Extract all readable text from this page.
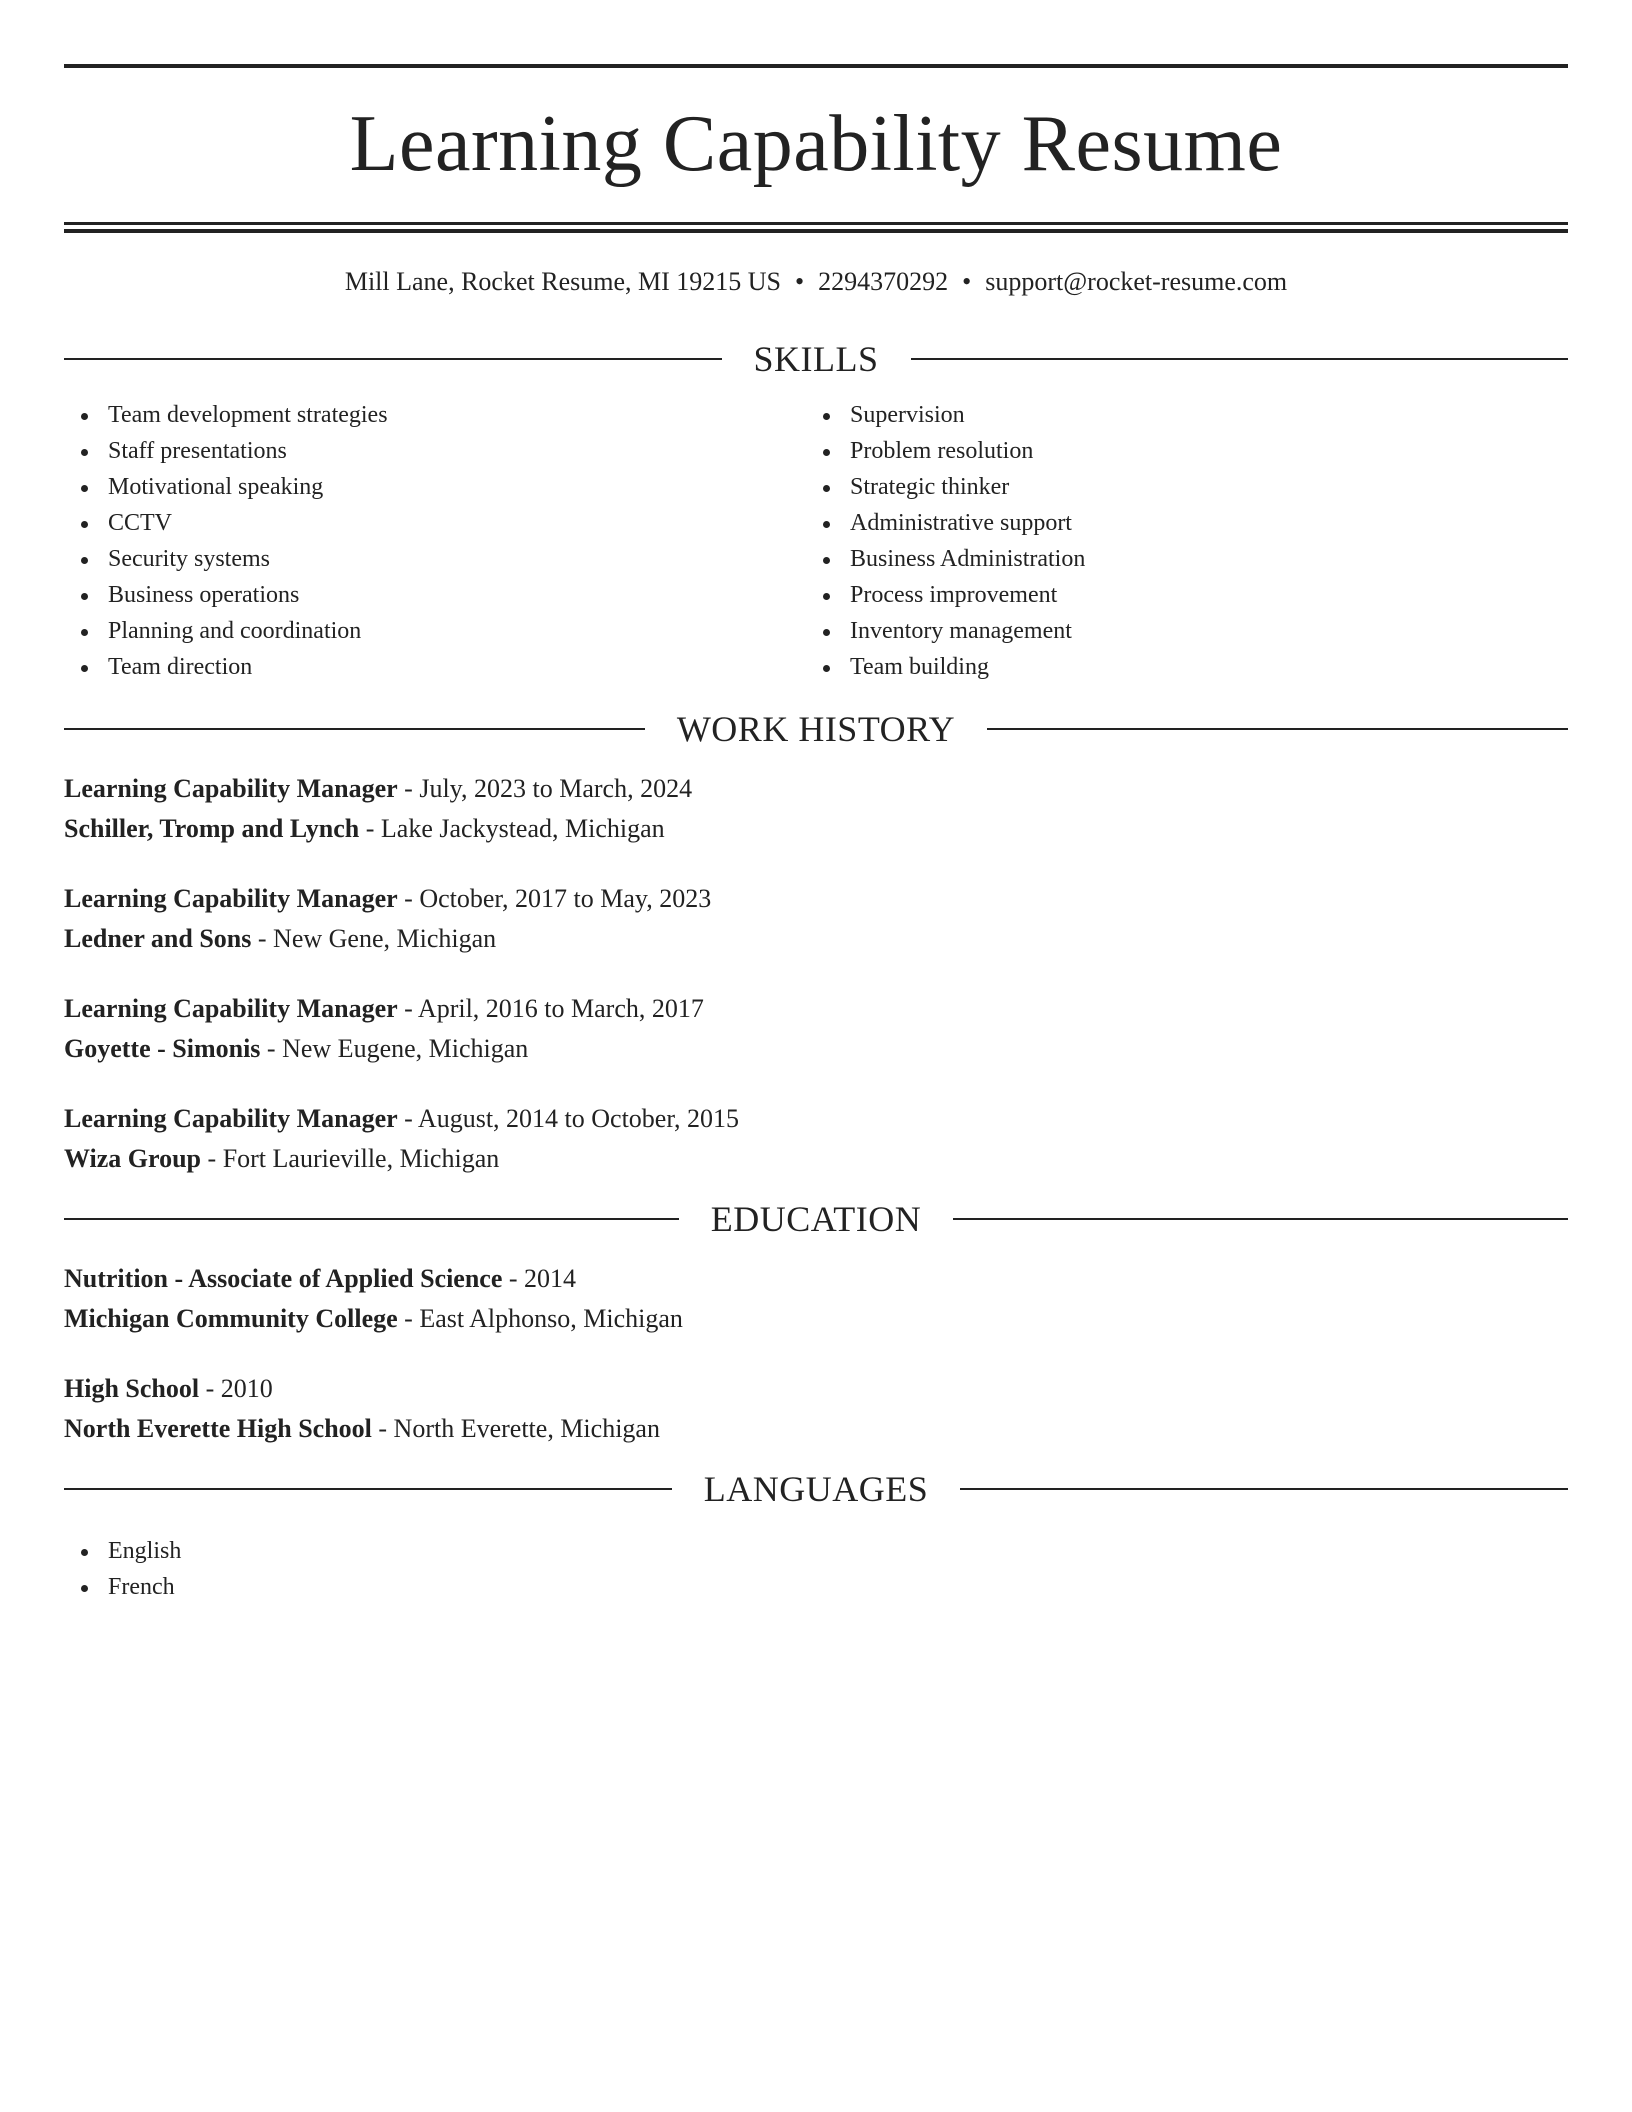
Learning Capability Resume
Mill Lane, Rocket Resume, MI 19215 US • 2294370292 • support@rocket-resume.com
SKILLS
Team development strategies
Staff presentations
Motivational speaking
CCTV
Security systems
Business operations
Planning and coordination
Team direction
Supervision
Problem resolution
Strategic thinker
Administrative support
Business Administration
Process improvement
Inventory management
Team building
WORK HISTORY
Learning Capability Manager - July, 2023 to March, 2024
Schiller, Tromp and Lynch - Lake Jackystead, Michigan
Learning Capability Manager - October, 2017 to May, 2023
Ledner and Sons - New Gene, Michigan
Learning Capability Manager - April, 2016 to March, 2017
Goyette - Simonis - New Eugene, Michigan
Learning Capability Manager - August, 2014 to October, 2015
Wiza Group - Fort Laurieville, Michigan
EDUCATION
Nutrition - Associate of Applied Science - 2014
Michigan Community College - East Alphonso, Michigan
High School - 2010
North Everette High School - North Everette, Michigan
LANGUAGES
English
French
